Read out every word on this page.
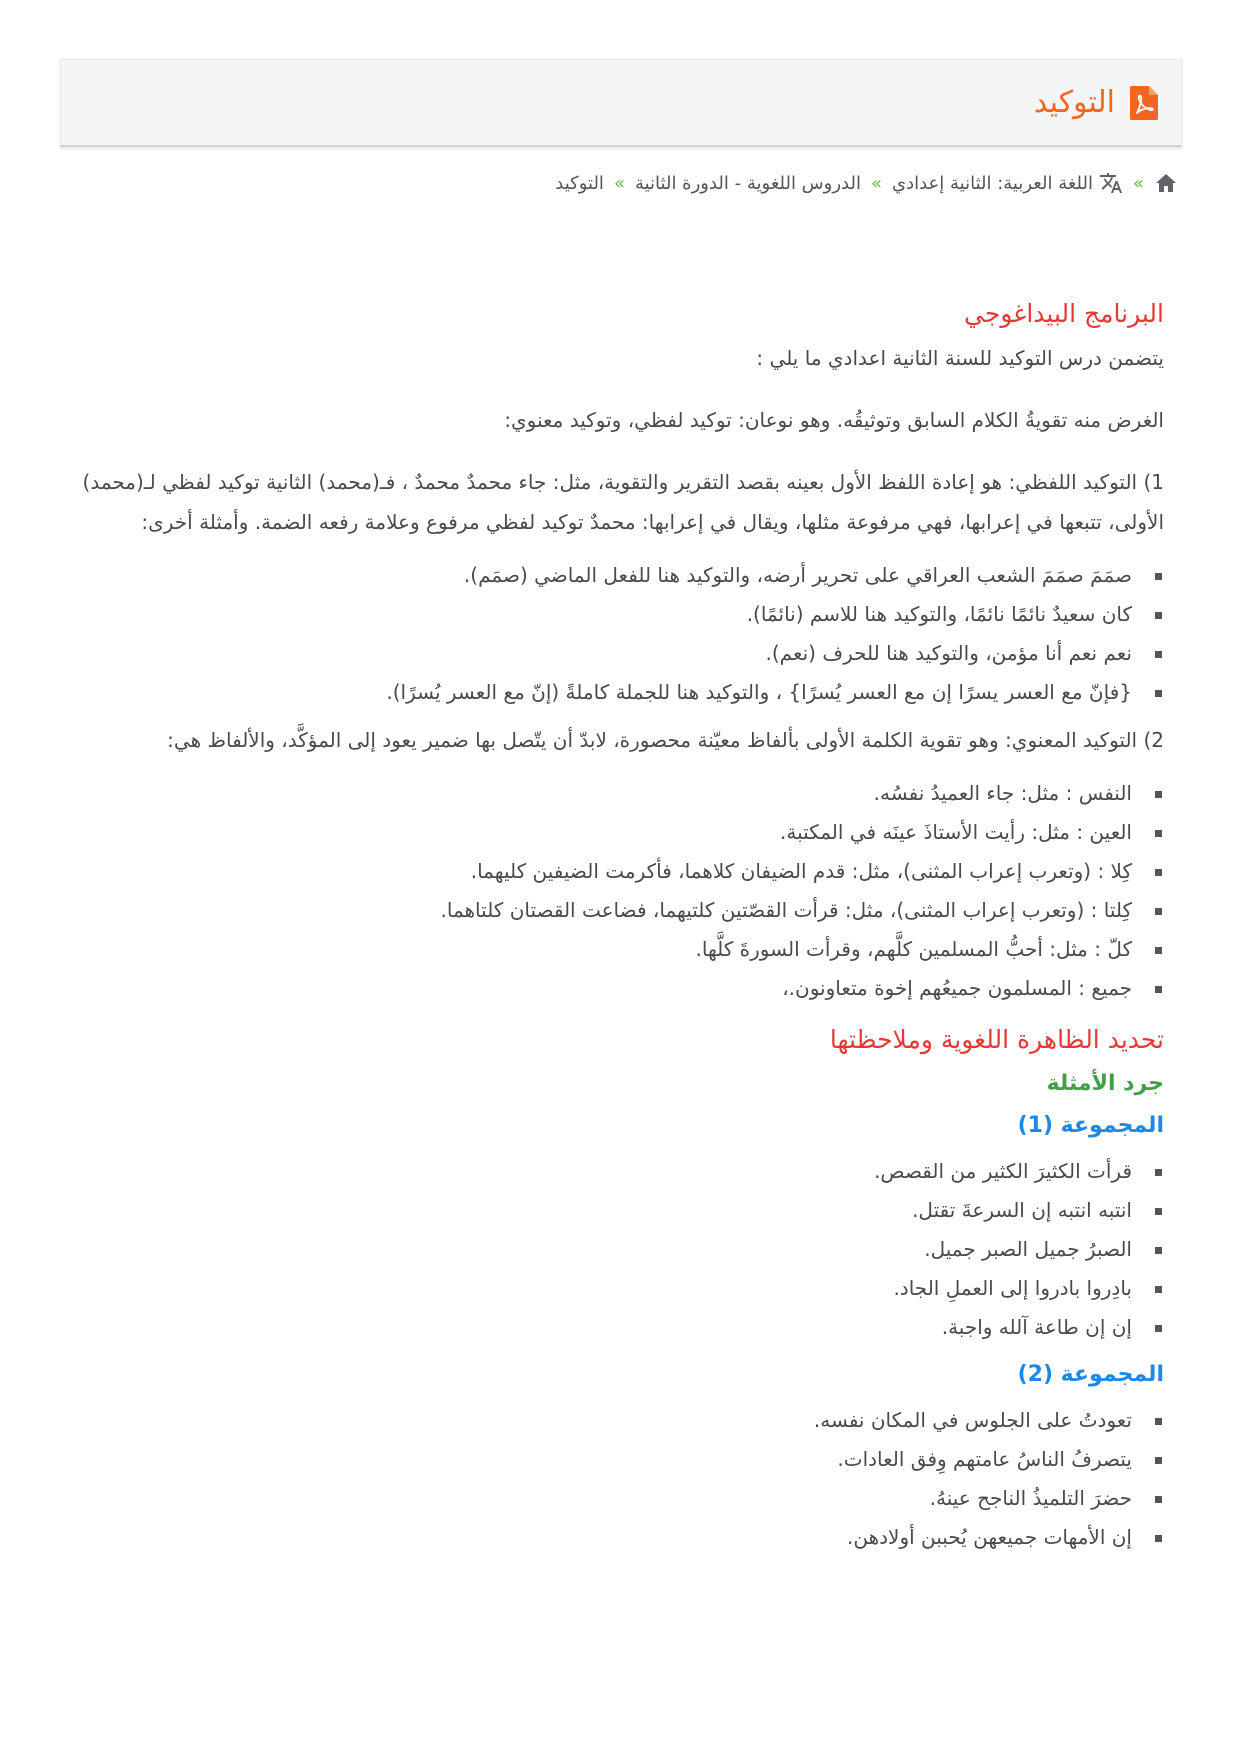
التوكيد
»
اللغة العربية: الثانية إعدادي
»
الدروس اللغوية - الدورة الثانية
»
التوكيد
البرنامج البيداغوجي

يتضمن درس التوكيد للسنة الثانية اعدادي ما يلي :

الغرض منه تقويةُ الكلام السابق وتوثيقُه. وهو نوعان: توكيد لفظي، وتوكيد معنوي:

1) التوكيد اللفظي: هو إعادة اللفظ الأول بعينه بقصد التقرير والتقوية، مثل: جاء محمدٌ محمدٌ ، فـ(محمد) الثانية توكيد لفظي لـ(محمد) الأولى، تتبعها في إعرابها، فهي مرفوعة مثلها، ويقال في إعرابها: محمدٌ توكيد لفظي مرفوع وعلامة رفعه الضمة. وأمثلة أخرى:

صمَمَ صمَمَ الشعب العراقي على تحرير أرضه، والتوكيد هنا للفعل الماضي (صمَم).
كان سعيدٌ نائمًا نائمًا، والتوكيد هنا للاسم (نائمًا).
نعم نعم أنا مؤمن، والتوكيد هنا للحرف (نعم).
{فإنّ مع العسر يسرًا إن مع العسر يُسرًا} ، والتوكيد هنا للجملة كاملةً (إنّ مع العسر يُسرًا).

2) التوكيد المعنوي: وهو تقوية الكلمة الأولى بألفاظ معيّنة محصورة، لابدّ أن يتّصل بها ضمير يعود إلى المؤكَّد، والألفاظ هي:

النفس : مثل: جاء العميدُ نفسُه.
العين : مثل: رأيت الأستاذَ عينَه في المكتبة.
كِلا : (وتعرب إعراب المثنى)، مثل: قدم الضيفان كلاهما، فأكرمت الضيفين كليهما.
كِلتا : (وتعرب إعراب المثنى)، مثل: قرأت القصّتين كلتيهما، فضاعت القصتان كلتاهما.
كلّ : مثل: أحبُّ المسلمين كلَّهم، وقرأت السورةَ كلَّها.
جميع : المسلمون جميعُهم إخوة متعاونون.،
تحديد الظاهرة اللغوية وملاحظتها
جرد الأمثلة
المجموعة (1)
قرأت الكثيرَ الكثير من القصص.
انتبه انتبه إن السرعةَ تقتل.
الصبرُ جميل الصبر جميل.
بادِروا بادروا إلى العملِ الجاد.
إن إن طاعة آلله واجبة.
المجموعة (2)
تعودتُ على الجلوس في المكان نفسه.
يتصرفُ الناسُ عامتهم وِفق العادات.
حضرَ التلميذُ الناجح عينهُ.
إن الأمهات جميعهن يُحببن أولادهن.
